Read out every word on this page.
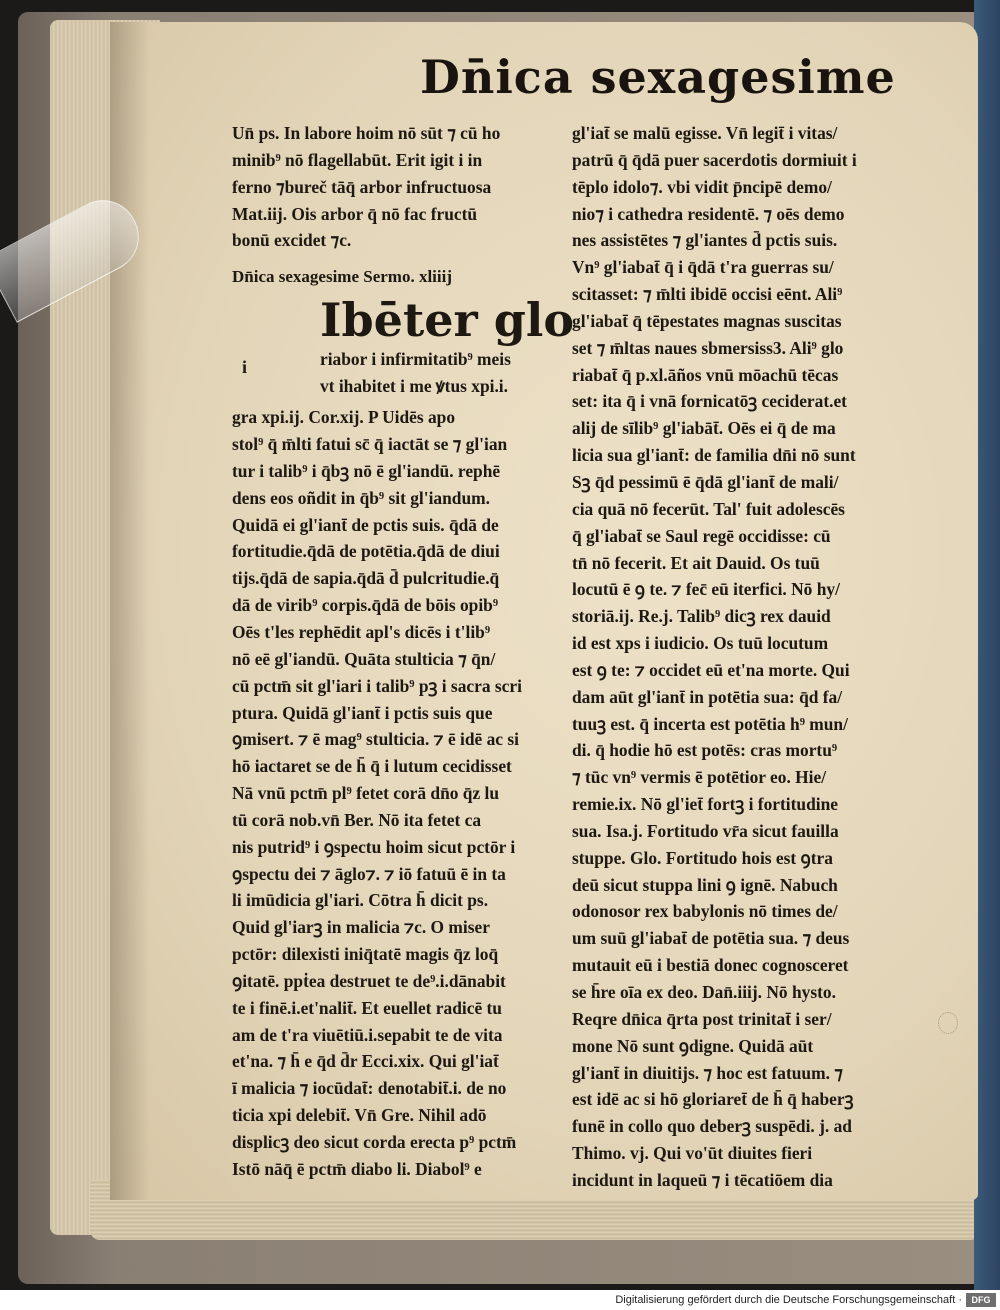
Dn̄ica sexagesime
Un̄ ps. In labore hoim nō sūt ⁊ cū ho
minib⁹ nō flagellabūt. Erit igit i in
ferno ⁊bureč tāq̄ arbor infructuosa
Mat.iij. Ois arbor q̄ nō fac fructū
bonū excidet ⁊c.
Dn̄ica sexagesime Sermo. xliiij
Ibēter glo
i	riabor i infirmitatib⁹ meis
vt ihabitet i me ꝟtus xpi.i.
gra xpi.ij. Cor.xij. P Uidēs apo
stol⁹ q̄ m̄lti fatui sc̄ q̄ iactāt se ⁊ gl'ian
tur i talib⁹ i q̄bꝫ nō ē gl'iandū. rephē
dens eos oñdit in q̄b⁹ sit gl'iandum.
Quidā ei gl'iant̄ de pctis suis. q̄dā de
fortitudie.q̄dā de potētia.q̄dā de diui
tijs.q̄dā de sapia.q̄dā d̄ pulcritudie.q̄
dā de virib⁹ corpis.q̄dā de bōis opib⁹
Oēs t'les rephēdit apl's dicēs i t'lib⁹
nō eē gl'iandū. Quāta stulticia ⁊ q̄n/
cū pctm̄ sit gl'iari i talib⁹ pꝫ i sacra scri
ptura. Quidā gl'iant̄ i pctis suis que
ꝯmisert. ⁊ ē mag⁹ stulticia. ⁊ ē idē ac si
hō iactaret se de h̄ q̄ i lutum cecidisset
Nā vnū pctm̄ pl⁹ fetet corā dn̄o q̄z lu
tū corā nob.vn̄ Ber. Nō ita fetet ca
nis putrid⁹ i ꝯspectu hoim sicut pctōr i
ꝯspectu dei ⁊ āglo⁊. ⁊ iō fatuū ē in ta
li imūdicia gl'iari. Cōtra h̄ dicit ps.
Quid gl'iarꝫ in malicia ⁊c. O miser
pctōr: dilexisti iniq̄tatē magis q̄z loq̄
ꝯitatē. ppṫea destruet te de⁹.i.dānabit
te i finē.i.et'nalit̄. Et euellet radicē tu
am de t'ra viuētiū.i.sepabit te de vita
et'na. ⁊ h̄ e q̄d d̄r Ecci.xix. Qui gl'iat̄
ī malicia ⁊ iocūdat̄: denotabit̄.i. de no
ticia xpi delebit̄. Vn̄ Gre. Nihil adō
displicꝫ deo sicut corda erecta p⁹ pctm̄
Istō nāq̄ ē pctm̄ diabo li. Diabol⁹ e
gl'iat̄ se malū egisse. Vn̄ legit̄ i vitas/
patrū q̄ q̄dā puer sacerdotis dormiuit i
tēplo idolo⁊. vbi vidit p̄ncipē demo/
nio⁊ i cathedra residentē. ⁊ oēs demo
nes assistētes ⁊ gl'iantes d̄ pctis suis.
Vn⁹ gl'iabat̄ q̄ i q̄dā t'ra guerras su/
scitasset: ⁊ m̄lti ibidē occisi eēnt. Ali⁹
gl'iabat̄ q̄ tēpestates magnas suscitas
set ⁊ m̄ltas naues sbmersiss3. Ali⁹ glo
riabat̄ q̄ p.xl.āños vnū mōachū tēcas
set: ita q̄ i vnā fornicatōꝫ ceciderat.et
alij de sīlib⁹ gl'iabāt̄. Oēs ei q̄ de ma
licia sua gl'iant̄: de familia dn̄i nō sunt
Sꝫ q̄d pessimū ē q̄dā gl'iant̄ de mali/
cia quā nō fecerūt. Tal' fuit adolescēs
q̄ gl'iabat̄ se Saul regē occidisse: cū
tn̄ nō fecerit. Et ait Dauid. Os tuū
locutū ē ꝯ te. ⁊ fec̄ eū iterfici. Nō hy/
storiā.ij. Re.j. Talib⁹ dicꝫ rex dauid
id est xps i iudicio. Os tuū locutum
est ꝯ te: ⁊ occidet eū et'na morte. Qui
dam aūt gl'iant̄ in potētia sua: q̄d fa/
tuuꝫ est. q̄ incerta est potētia h⁹ mun/
di. q̄ hodie hō est potēs: cras mortu⁹
⁊ tūc vn⁹ vermis ē potētior eo. Hie/
remie.ix. Nō gl'iet̄ fortꝫ i fortitudine
sua. Isa.j. Fortitudo vr̄a sicut fauilla
stuppe. Glo. Fortitudo hois est ꝯtra
deū sicut stuppa lini ꝯ ignē. Nabuch
odonosor rex babylonis nō times de/
um suū gl'iabat̄ de potētia sua. ⁊ deus
mutauit eū i bestiā donec cognosceret
se h̄re oīa ex deo. Dan̄.iiij. Nō hysto.
Reqre dn̄ica q̄rta post trinitat̄ i ser/
mone Nō sunt ꝯdigne. Quidā aūt
gl'iant̄ in diuitijs. ⁊ hoc est fatuum. ⁊
est idē ac si hō gloriaret̄ de h̄ q̄ haberꝫ
funē in collo quo deberꝫ suspēdi. j. ad
Thimo. vj. Qui vo'ūt diuites fieri
incidunt in laqueū ⁊ i tēcatiōem dia
Digitalisierung gefördert durch die Deutsche Forschungsgemeinschaft ·	DFG
